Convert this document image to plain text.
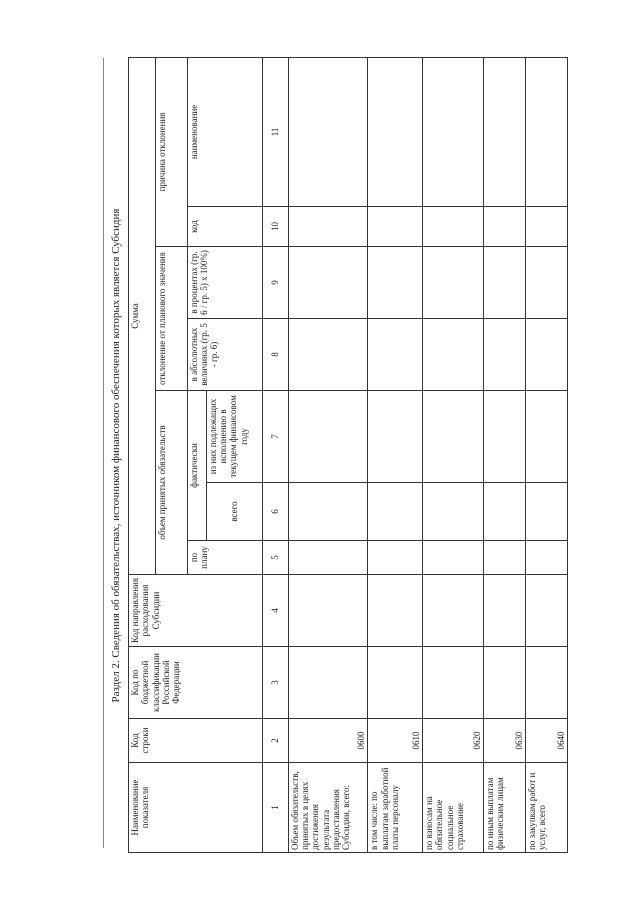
Раздел 2. Сведения об обязательствах, источником финансового обеспечения которых является Субсидия
Наименование показателя	Код строки	Код по бюджетной классификации Российской Федерации	Код направления расходования Субсидии	Сумма						
				объем принятых обязательств			отклонение от планового значения		причина отклонения	
				по плану	фактически		в абсолютных величинах (гр. 5 - гр. 6)	в процентах (гр. 6 / гр. 5) x 100%)	код	наименование
					всего	из них подлежащих исполнению в текущем финансовом году				
1	2	3	4	5	6	7	8	9	10	11
Объем обязательств, принятых в целях достижения результата предоставления Субсидии, всего:	0600									
в том числе: по выплатам заработной платы персоналу	0610									
по взносам на обязательное социальное страхование	0620									
по иным выплатам физическим лицам	0630									
по закупкам работ и услуг, всего	0640									
